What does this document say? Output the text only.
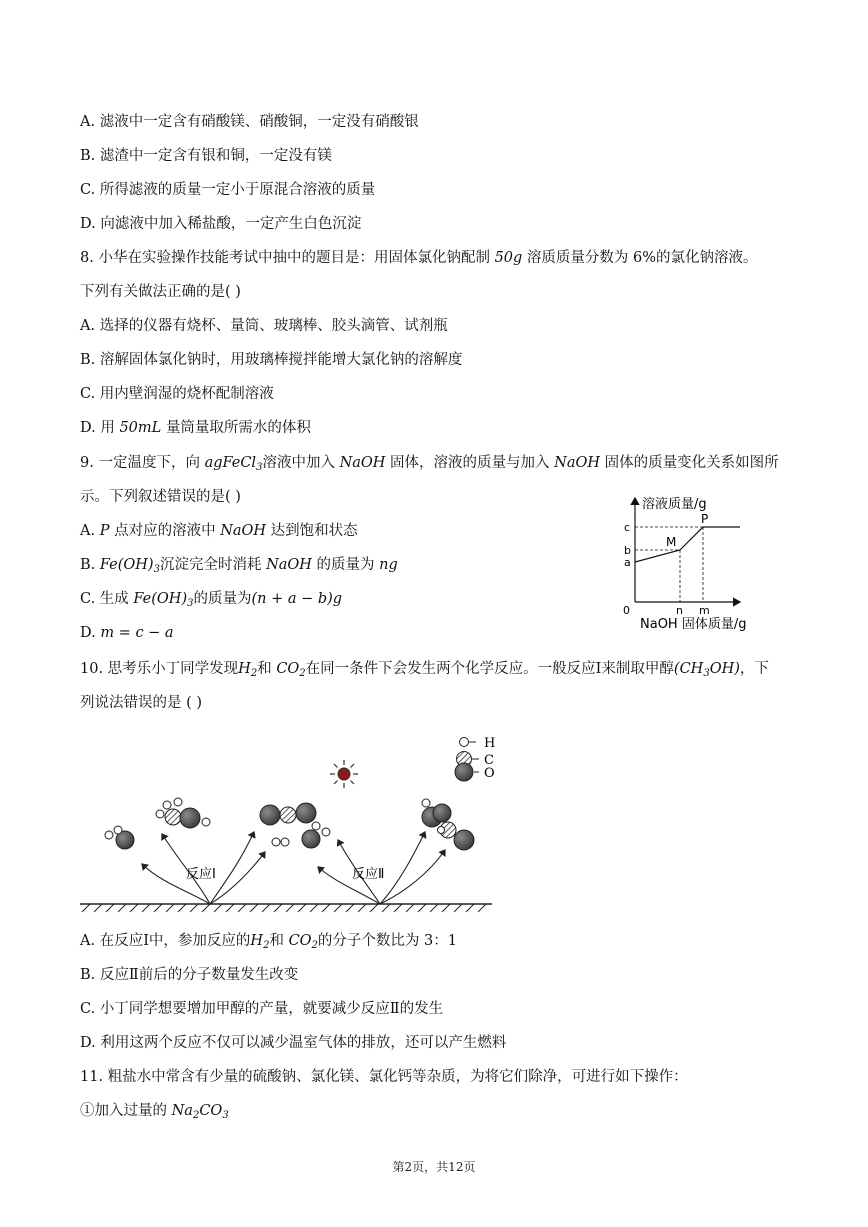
A. 滤液中一定含有硝酸镁、硝酸铜，一定没有硝酸银
B. 滤渣中一定含有银和铜，一定没有镁
C. 所得滤液的质量一定小于原混合溶液的质量
D. 向滤液中加入稀盐酸，一定产生白色沉淀
8. 小华在实验操作技能考试中抽中的题目是：用固体氯化钠配制 50g 溶质质量分数为 6%的氯化钠溶液。
下列有关做法正确的是( )
A. 选择的仪器有烧杯、量筒、玻璃棒、胶头滴管、试剂瓶
B. 溶解固体氯化钠时，用玻璃棒搅拌能增大氯化钠的溶解度
C. 用内壁润湿的烧杯配制溶液
D. 用 50mL 量筒量取所需水的体积
9. 一定温度下，向 agFeCl$_3$溶液中加入 NaOH 固体，溶液的质量与加入 NaOH 固体的质量变化关系如图所
示。下列叙述错误的是( )
A. P 点对应的溶液中 NaOH 达到饱和状态
B. $Fe(OH)_3$沉淀完全时消耗 NaOH 的质量为 ng
C. 生成 $Fe(OH)_3$的质量为(n + a − b)g
D. m = c − a
溶液质量/g
NaOH 固体质量/g
0
c
b
a
n m
M
P
10. 思考乐小丁同学发现$H_2$和 $CO_2$在同一条件下会发生两个化学反应。一般反应Ⅰ来制取甲醇$(CH_3OH)$，下
列说法错误的是 ( )
H
C
O
反应Ⅰ	反应Ⅱ
A. 在反应Ⅰ中，参加反应的$H_2$和 $CO_2$的分子个数比为 3：1
B. 反应Ⅱ前后的分子数量发生改变
C. 小丁同学想要增加甲醇的产量，就要减少反应Ⅱ的发生
D. 利用这两个反应不仅可以减少温室气体的排放，还可以产生燃料
11. 粗盐水中常含有少量的硫酸钠、氯化镁、氯化钙等杂质，为将它们除净，可进行如下操作：
①加入过量的 $Na_2CO_3$
第2页，共12页
